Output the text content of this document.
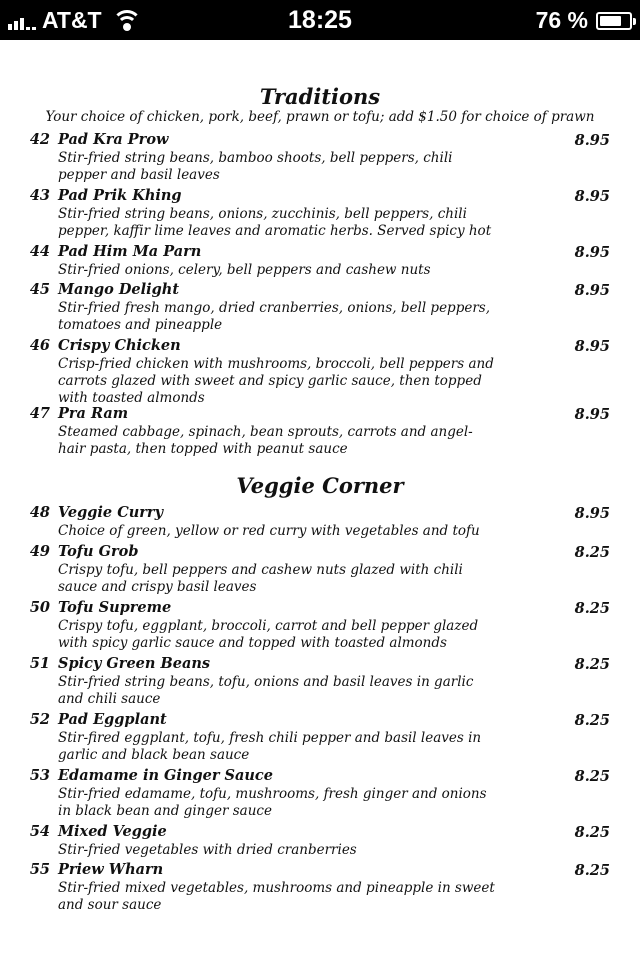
AT&T	18:25	76 %
Traditions
Your choice of chicken, pork, beef, prawn or tofu; add $1.50 for choice of prawn
42 Pad Kra Prow	8.95
Stir-fried string beans, bamboo shoots, bell peppers, chili pepper and basil leaves
43 Pad Prik Khing	8.95
Stir-fried string beans, onions, zucchinis, bell peppers, chili pepper, kaffir lime leaves and aromatic herbs. Served spicy hot
44 Pad Him Ma Parn	8.95
Stir-fried onions, celery, bell peppers and cashew nuts
45 Mango Delight	8.95
Stir-fried fresh mango, dried cranberries, onions, bell peppers, tomatoes and pineapple
46 Crispy Chicken	8.95
Crisp-fried chicken with mushrooms, broccoli, bell peppers and carrots glazed with sweet and spicy garlic sauce, then topped with toasted almonds
47 Pra Ram	8.95
Steamed cabbage, spinach, bean sprouts, carrots and angel-hair pasta, then topped with peanut sauce
Veggie Corner
48 Veggie Curry	8.95
Choice of green, yellow or red curry with vegetables and tofu
49 Tofu Grob	8.25
Crispy tofu, bell peppers and cashew nuts glazed with chili sauce and crispy basil leaves
50 Tofu Supreme	8.25
Crispy tofu, eggplant, broccoli, carrot and bell pepper glazed with spicy garlic sauce and topped with toasted almonds
51 Spicy Green Beans	8.25
Stir-fried string beans, tofu, onions and basil leaves in garlic and chili sauce
52 Pad Eggplant	8.25
Stir-fired eggplant, tofu, fresh chili pepper and basil leaves in garlic and black bean sauce
53 Edamame in Ginger Sauce	8.25
Stir-fried edamame, tofu, mushrooms, fresh ginger and onions in black bean and ginger sauce
54 Mixed Veggie	8.25
Stir-fried vegetables with dried cranberries
55 Priew Wharn	8.25
Stir-fried mixed vegetables, mushrooms and pineapple in sweet and sour sauce
